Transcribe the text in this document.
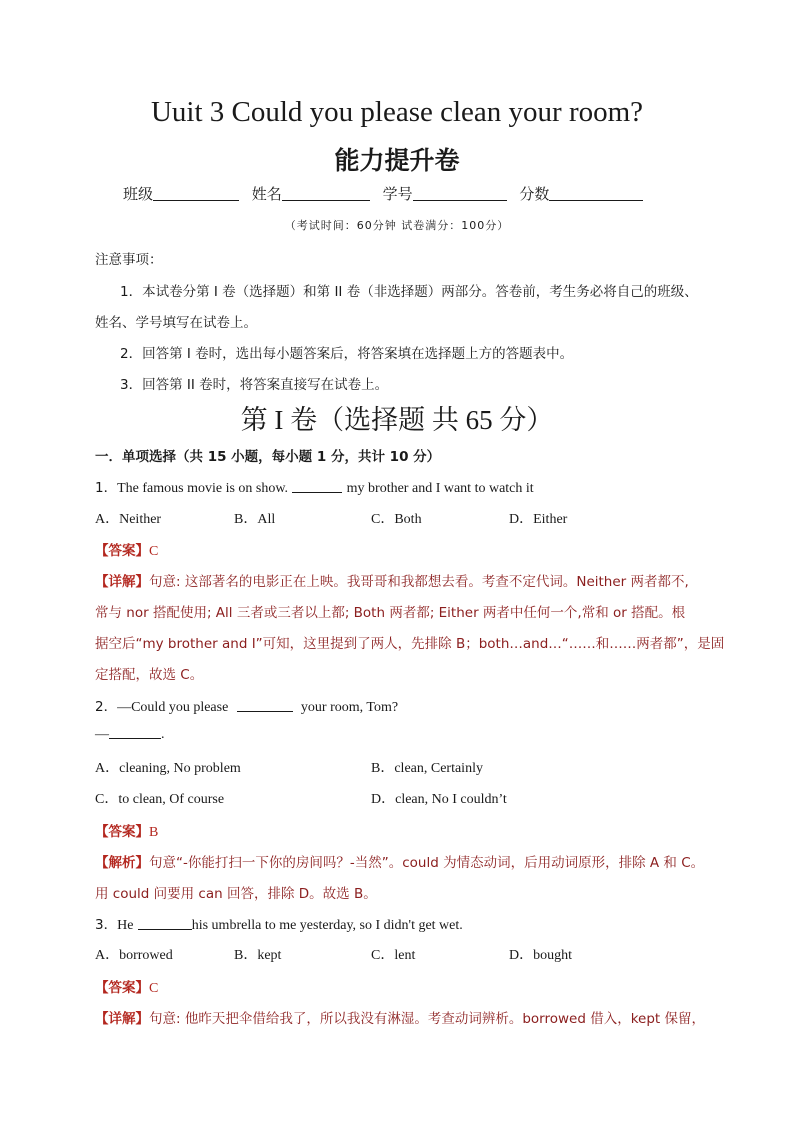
Uuit 3 Could you please clean your room?
能力提升卷
班级	姓名	学号	分数
（考试时间：60分钟 试卷满分：100分）
注意事项：
1．本试卷分第 I 卷（选择题）和第 II 卷（非选择题）两部分。答卷前，考生务必将自己的班级、
姓名、学号填写在试卷上。
2．回答第 I 卷时，选出每小题答案后，将答案填在选择题上方的答题表中。
3．回答第 II 卷时，将答案直接写在试卷上。
第 I 卷（选择题 共 65 分）
一．单项选择（共 15 小题，每小题 1 分，共计 10 分）
1．The famous movie is on show.	my brother and I want to watch it
A．Neither	B．All	C．Both	D．Either
【答案】C
【详解】句意: 这部著名的电影正在上映。我哥哥和我都想去看。考查不定代词。Neither 两者都不,
常与 nor 搭配使用; All 三者或三者以上都; Both 两者都; Either 两者中任何一个,常和 or 搭配。根
据空后“my brother and I”可知，这里提到了两人，先排除 B；both…and…“……和……两者都”，是固
定搭配，故选 C。
2．—Could you please	your room, Tom?
—	.
A．cleaning, No problem	B．clean, Certainly
C．to clean, Of course	D．clean, No I couldn’t
【答案】B
【解析】句意“-你能打扫一下你的房间吗？-当然”。could 为情态动词，后用动词原形，排除 A 和 C。
用 could 问要用 can 回答，排除 D。故选 B。
3．He	his umbrella to me yesterday, so I didn't get wet.
A．borrowed	B．kept	C．lent	D．bought
【答案】C
【详解】句意: 他昨天把伞借给我了，所以我没有淋湿。考查动词辨析。borrowed 借入，kept 保留，
